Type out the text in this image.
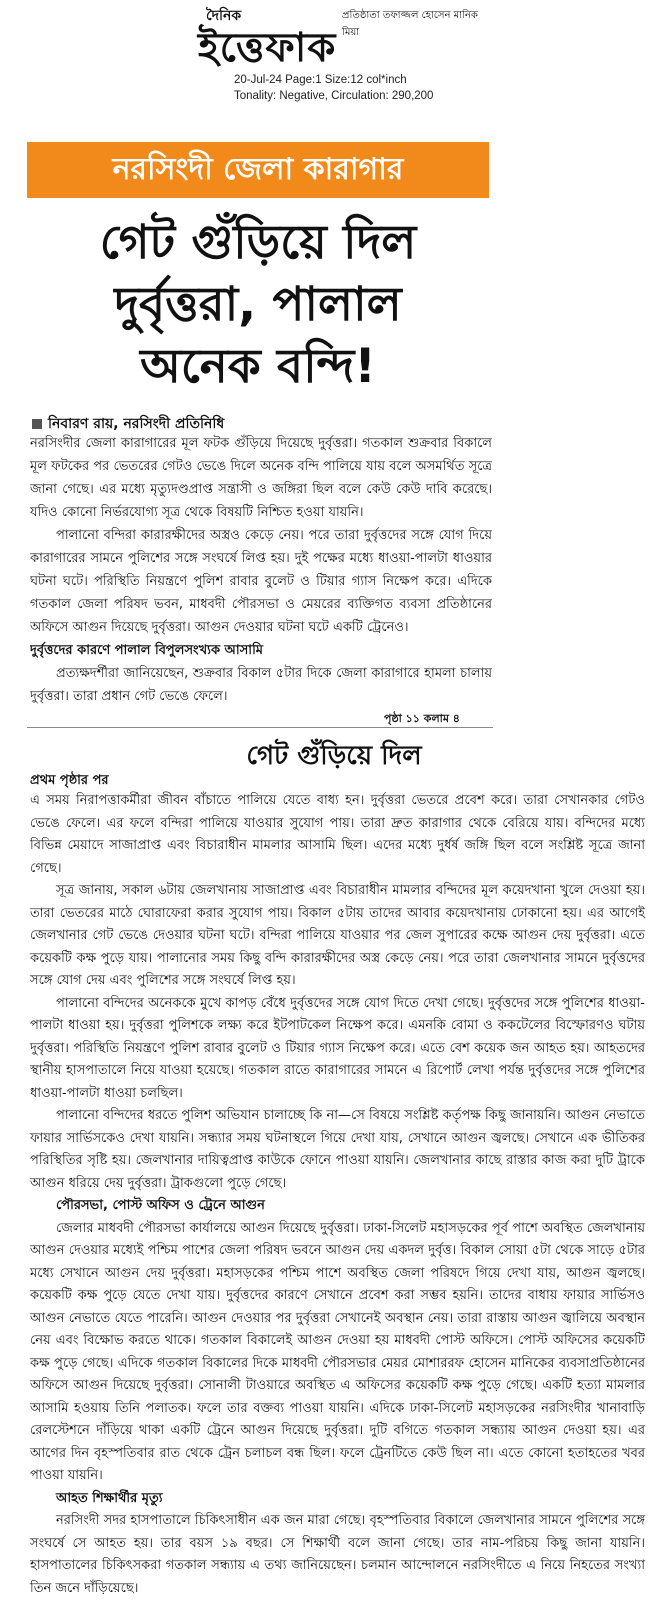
দৈনিক	প্রতিষ্ঠাতা তফাজ্জল হোসেন মানিক মিয়া
ইত্তেফাক
20-Jul-24 Page:1 Size:12 col*inch
Tonality: Negative, Circulation: 290,200
নরসিংদী জেলা কারাগার
গেট গুঁড়িয়ে দিল
দুর্বৃত্তরা, পালাল
অনেক বন্দি!
নিবারণ রায়, নরসিংদী প্রতিনিধি

নরসিংদীর জেলা কারাগারের মূল ফটক গুঁড়িয়ে দিয়েছে দুর্বৃত্তরা। গতকাল শুক্রবার বিকালে মূল ফটকের পর ভেতরের গেটও ভেঙে দিলে অনেক বন্দি পালিয়ে যায় বলে অসমর্থিত সূত্রে জানা গেছে। এর মধ্যে মৃত্যুদণ্ডপ্রাপ্ত সন্ত্রাসী ও জঙ্গিরা ছিল বলে কেউ কেউ দাবি করেছে। যদিও কোনো নির্ভরযোগ্য সূত্র থেকে বিষয়টি নিশ্চিত হওয়া যায়নি।

পালানো বন্দিরা কারারক্ষীদের অস্ত্রও কেড়ে নেয়। পরে তারা দুর্বৃত্তদের সঙ্গে যোগ দিয়ে কারাগারের সামনে পুলিশের সঙ্গে সংঘর্ষে লিপ্ত হয়। দুই পক্ষের মধ্যে ধাওয়া-পালটা ধাওয়ার ঘটনা ঘটে। পরিস্থিতি নিয়ন্ত্রণে পুলিশ রাবার বুলেট ও টিয়ার গ্যাস নিক্ষেপ করে। এদিকে গতকাল জেলা পরিষদ ভবন, মাধবদী পৌরসভা ও মেয়রের ব্যক্তিগত ব্যবসা প্রতিষ্ঠানের অফিসে আগুন দিয়েছে দুর্বৃত্তরা। আগুন দেওয়ার ঘটনা ঘটে একটি ট্রেনেও।

দুর্বৃত্তদের কারণে পালাল বিপুলসংখ্যক আসামি

প্রত্যক্ষদর্শীরা জানিয়েছেন, শুক্রবার বিকাল ৫টার দিকে জেলা কারাগারে হামলা চালায় দুর্বৃত্তরা। তারা প্রধান গেট ভেঙে ফেলে।

পৃষ্ঠা ১১ কলাম ৪
গেট গুঁড়িয়ে দিল
প্রথম পৃষ্ঠার পর

এ সময় নিরাপত্তাকর্মীরা জীবন বাঁচাতে পালিয়ে যেতে বাধ্য হন। দুর্বৃত্তরা ভেতরে প্রবেশ করে। তারা সেখানকার গেটও ভেঙে ফেলে। এর ফলে বন্দিরা পালিয়ে যাওয়ার সুযোগ পায়। তারা দ্রুত কারাগার থেকে বেরিয়ে যায়। বন্দিদের মধ্যে বিভিন্ন মেয়াদে সাজাপ্রাপ্ত এবং বিচারাধীন মামলার আসামি ছিল। এদের মধ্যে দুর্ধর্ষ জঙ্গি ছিল বলে সংশ্লিষ্ট সূত্রে জানা গেছে।

সূত্র জানায়, সকাল ৬টায় জেলখানায় সাজাপ্রাপ্ত এবং বিচারাধীন মামলার বন্দিদের মূল কয়েদখানা খুলে দেওয়া হয়। তারা ভেতরের মাঠে ঘোরাফেরা করার সুযোগ পায়। বিকাল ৫টায় তাদের আবার কয়েদখানায় ঢোকানো হয়। এর আগেই জেলখানার গেট ভেঙে দেওয়ার ঘটনা ঘটে। বন্দিরা পালিয়ে যাওয়ার পর জেল সুপারের কক্ষে আগুন দেয় দুর্বৃত্তরা। এতে কয়েকটি কক্ষ পুড়ে যায়। পালানোর সময় কিছু বন্দি কারারক্ষীদের অস্ত্র কেড়ে নেয়। পরে তারা জেলখানার সামনে দুর্বৃত্তদের সঙ্গে যোগ দেয় এবং পুলিশের সঙ্গে সংঘর্ষে লিপ্ত হয়।

পালানো বন্দিদের অনেককে মুখে কাপড় বেঁধে দুর্বৃত্তদের সঙ্গে যোগ দিতে দেখা গেছে। দুর্বৃত্তদের সঙ্গে পুলিশের ধাওয়া-পালটা ধাওয়া হয়। দুর্বৃত্তরা পুলিশকে লক্ষ্য করে ইটপাটকেল নিক্ষেপ করে। এমনকি বোমা ও ককটেলের বিস্ফোরণও ঘটায় দুর্বৃত্তরা। পরিস্থিতি নিয়ন্ত্রণে পুলিশ রাবার বুলেট ও টিয়ার গ্যাস নিক্ষেপ করে। এতে বেশ কয়েক জন আহত হয়। আহতদের স্থানীয় হাসপাতালে নিয়ে যাওয়া হয়েছে। গতকাল রাতে কারাগারের সামনে এ রিপোর্ট লেখা পর্যন্ত দুর্বৃত্তদের সঙ্গে পুলিশের ধাওয়া-পালটা ধাওয়া চলছিল।

পালানো বন্দিদের ধরতে পুলিশ অভিযান চালাচ্ছে কি না—সে বিষয়ে সংশ্লিষ্ট কর্তৃপক্ষ কিছু জানায়নি। আগুন নেভাতে ফায়ার সার্ভিসকেও দেখা যায়নি। সন্ধ্যার সময় ঘটনাস্থলে গিয়ে দেখা যায়, সেখানে আগুন জ্বলছে। সেখানে এক ভীতিকর পরিস্থিতির সৃষ্টি হয়। জেলখানার দায়িত্বপ্রাপ্ত কাউকে ফোনে পাওয়া যায়নি। জেলখানার কাছে রাস্তার কাজ করা দুটি ট্রাকে আগুন ধরিয়ে দেয় দুর্বৃত্তরা। ট্রাকগুলো পুড়ে গেছে।

পৌরসভা, পোস্ট অফিস ও ট্রেনে আগুন

জেলার মাধবদী পৌরসভা কার্যালয়ে আগুন দিয়েছে দুর্বৃত্তরা। ঢাকা-সিলেট মহাসড়কের পূর্ব পাশে অবস্থিত জেলখানায় আগুন দেওয়ার মধ্যেই পশ্চিম পাশের জেলা পরিষদ ভবনে আগুন দেয় একদল দুর্বৃত্ত। বিকাল সোয়া ৫টা থেকে সাড়ে ৫টার মধ্যে সেখানে আগুন দেয় দুর্বৃত্তরা। মহাসড়কের পশ্চিম পাশে অবস্থিত জেলা পরিষদে গিয়ে দেখা যায়, আগুন জ্বলছে। কয়েকটি কক্ষ পুড়ে যেতে দেখা যায়। দুর্বৃত্তদের কারণে সেখানে প্রবেশ করা সম্ভব হয়নি। তাদের বাধায় ফায়ার সার্ভিসও আগুন নেভাতে যেতে পারেনি। আগুন দেওয়ার পর দুর্বৃত্তরা সেখানেই অবস্থান নেয়। তারা রাস্তায় আগুন জ্বালিয়ে অবস্থান নেয় এবং বিক্ষোভ করতে থাকে। গতকাল বিকালেই আগুন দেওয়া হয় মাধবদী পোস্ট অফিসে। পোস্ট অফিসের কয়েকটি কক্ষ পুড়ে গেছে। এদিকে গতকাল বিকালের দিকে মাধবদী পৌরসভার মেয়র মোশাররফ হোসেন মানিকের ব্যবসাপ্রতিষ্ঠানের অফিসে আগুন দিয়েছে দুর্বৃত্তরা। সোনালী টাওয়ারে অবস্থিত এ অফিসের কয়েকটি কক্ষ পুড়ে গেছে। একটি হত্যা মামলার আসামি হওয়ায় তিনি পলাতক। ফলে তার বক্তব্য পাওয়া যায়নি। এদিকে ঢাকা-সিলেট মহাসড়কের নরসিংদীর খানাবাড়ি রেলস্টেশনে দাঁড়িয়ে থাকা একটি ট্রেনে আগুন দিয়েছে দুর্বৃত্তরা। দুটি বগিতে গতকাল সন্ধ্যায় আগুন দেওয়া হয়। এর আগের দিন বৃহস্পতিবার রাত থেকে ট্রেন চলাচল বন্ধ ছিল। ফলে ট্রেনটিতে কেউ ছিল না। এতে কোনো হতাহতের খবর পাওয়া যায়নি।

আহত শিক্ষার্থীর মৃত্যু

নরসিংদী সদর হাসপাতালে চিকিৎসাধীন এক জন মারা গেছে। বৃহস্পতিবার বিকালে জেলখানার সামনে পুলিশের সঙ্গে সংঘর্ষে সে আহত হয়। তার বয়স ১৯ বছর। সে শিক্ষার্থী বলে জানা গেছে। তার নাম-পরিচয় কিছু জানা যায়নি। হাসপাতালের চিকিৎসকরা গতকাল সন্ধ্যায় এ তথ্য জানিয়েছেন। চলমান আন্দোলনে নরসিংদীতে এ নিয়ে নিহতের সংখ্যা তিন জনে দাঁড়িয়েছে।
